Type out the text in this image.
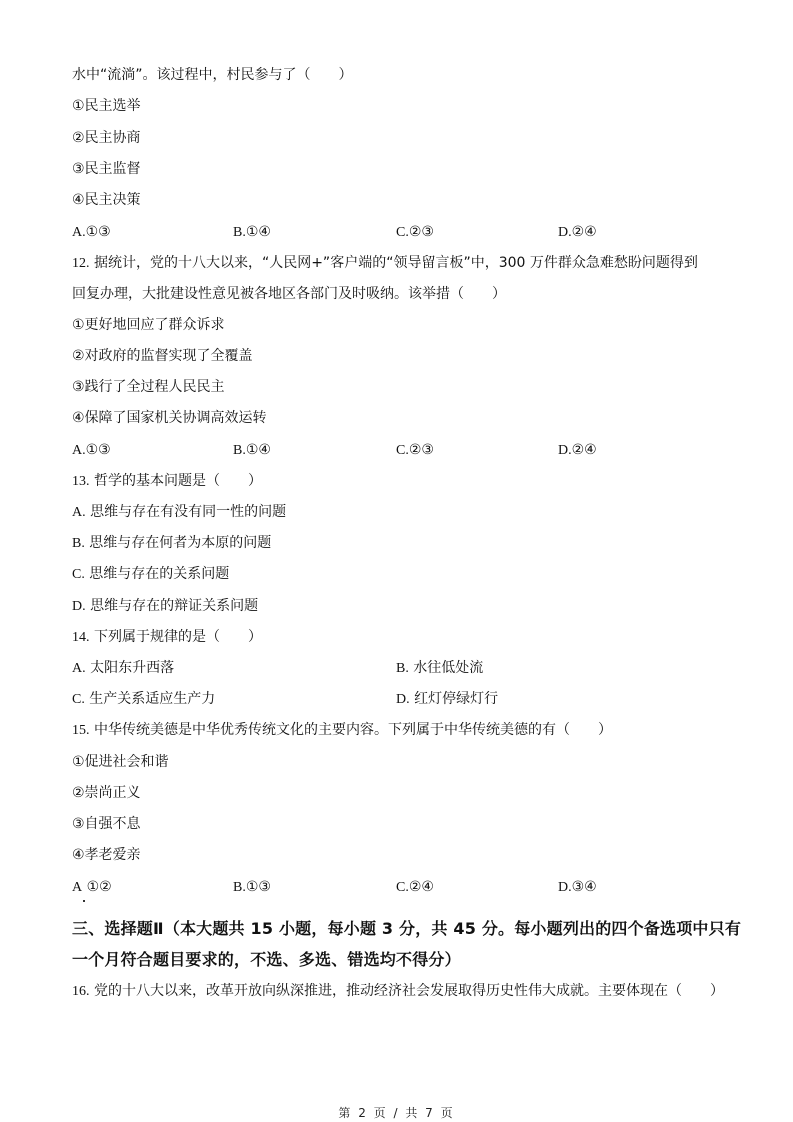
水中“流淌”。该过程中，村民参与了（　　）
①民主选举
②民主协商
③民主监督
④民主决策
A.①③	B.①④	C.②③	D.②④
12. 据统计，党的十八大以来，“人民网+”客户端的“领导留言板”中，300 万件群众急难愁盼问题得到
回复办理，大批建设性意见被各地区各部门及时吸纳。该举措（　　）
①更好地回应了群众诉求
②对政府的监督实现了全覆盖
③践行了全过程人民民主
④保障了国家机关协调高效运转
A.①③	B.①④	C.②③	D.②④
13. 哲学的基本问题是（　　）
A. 思维与存在有没有同一性的问题
B. 思维与存在何者为本原的问题
C. 思维与存在的关系问题
D. 思维与存在的辩证关系问题
14. 下列属于规律的是（　　）
A. 太阳东升西落	B. 水往低处流
C. 生产关系适应生产力	D. 红灯停绿灯行
15. 中华传统美德是中华优秀传统文化的主要内容。下列属于中华传统美德的有（　　）
①促进社会和谐
②崇尚正义
③自强不息
④孝老爱亲
A ①②	B.①③	C.②④	D.③④
三、选择题Ⅱ（本大题共 15 小题，每小题 3 分，共 45 分。每小题列出的四个备选项中只有
一个月符合题目要求的，不选、多选、错选均不得分）
16. 党的十八大以来，改革开放向纵深推进，推动经济社会发展取得历史性伟大成就。主要体现在（　　）
第 2 页 / 共 7 页
